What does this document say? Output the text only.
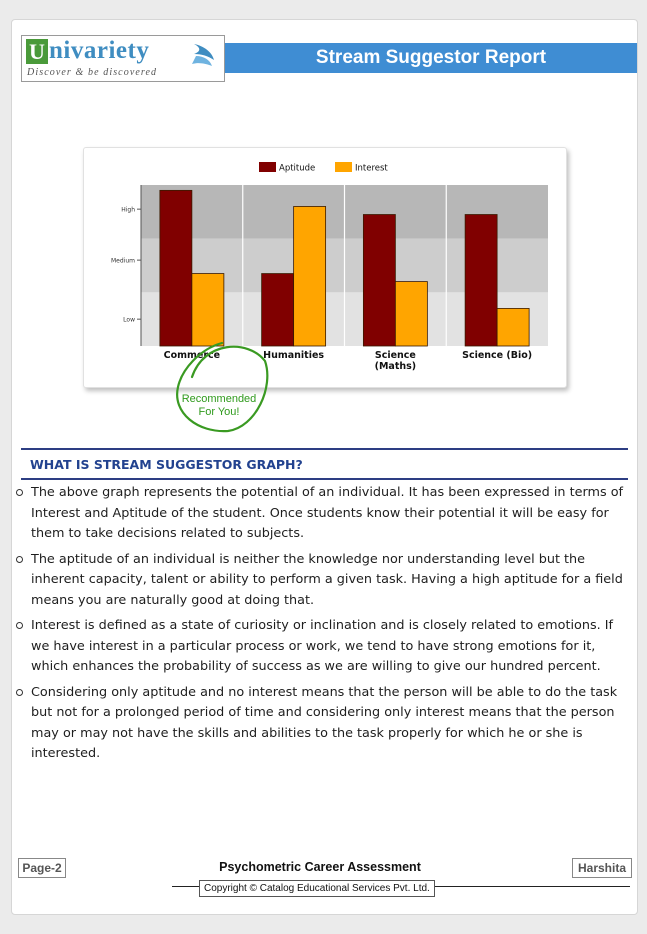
U nivariety
Discover & be discovered
Stream Suggestor Report
Low
Medium
High
Commerce	Humanities	Science
(Maths)
Science (Bio)
Aptitude	Interest
Recommended
For You!
WHAT IS STREAM SUGGESTOR GRAPH?
The above graph represents the potential of an individual. It has been expressed in terms of Interest and Aptitude of the student. Once students know their potential it will be easy for them to take decisions related to subjects.
The aptitude of an individual is neither the knowledge nor understanding level but the inherent capacity, talent or ability to perform a given task. Having a high aptitude for a field means you are naturally good at doing that.
Interest is defined as a state of curiosity or inclination and is closely related to emotions. If we have interest in a particular process or work, we tend to have strong emotions for it, which enhances the probability of success as we are willing to give our hundred percent.
Considering only aptitude and no interest means that the person will be able to do the task but not for a prolonged period of time and considering only interest means that the person may or may not have the skills and abilities to the task properly for which he or she is interested.
Page-2	Psychometric Career Assessment	Harshita
Copyright © Catalog Educational Services Pvt. Ltd.
